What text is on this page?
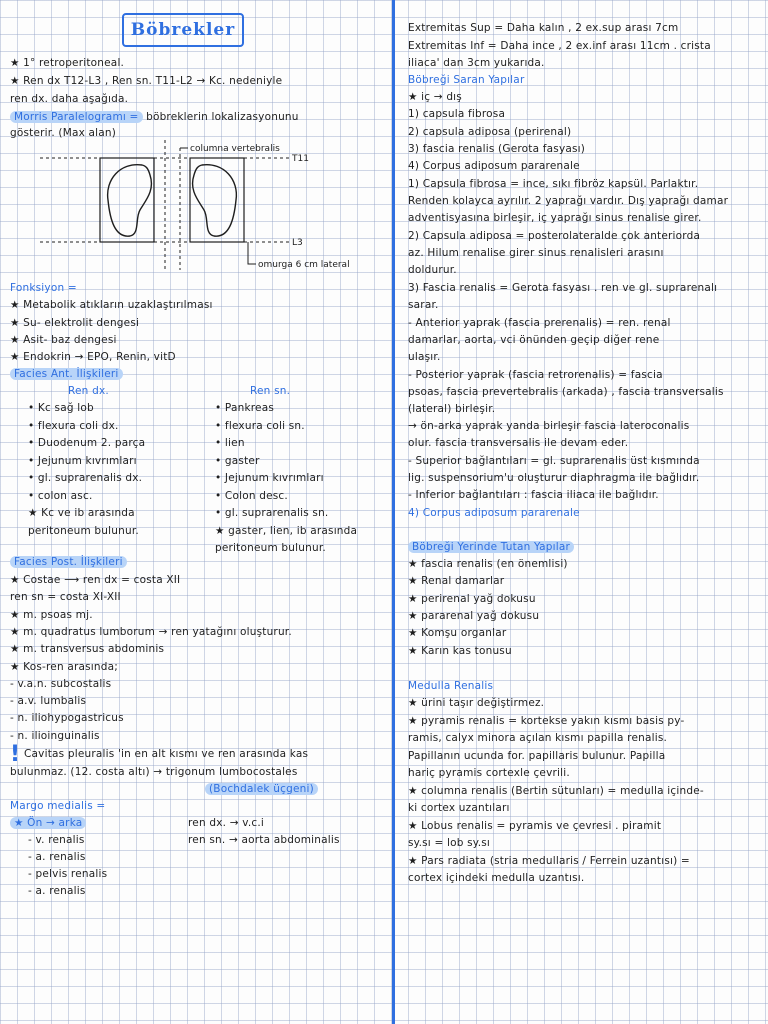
Böbrekler
★ 1° retroperitoneal.
★ Ren dx T12-L3 , Ren sn. T11-L2 → Kc. nedeniyle
ren dx. daha aşağıda.
Morris Paralelogramı = böbreklerin lokalizasyonunu
gösterir. (Max alan)
columna vertebralis
T11
L3
omurga 6 cm lateral
Fonksiyon =
★ Metabolik atıkların uzaklaştırılması
★ Su- elektrolit dengesi
★ Asit- baz dengesi
★ Endokrin → EPO, Renin, vitD
Facies Ant. İlişkileri
Ren dx.	Ren sn.
• Kc sağ lob
• flexura coli dx.
• Duodenum 2. parça
• Jejunum kıvrımları
• gl. suprarenalis dx.
• colon asc.
★ Kc ve ib arasında
peritoneum bulunur.
• Pankreas
• flexura coli sn.
• lien
• gaster
• Jejunum kıvrımları
• Colon desc.
• gl. suprarenalis sn.
★ gaster, lien, ib arasında
peritoneum bulunur.
Facies Post. İlişkileri
★ Costae ⟶ ren dx = costa XII
ren sn = costa XI-XII
★ m. psoas mj.
★ m. quadratus lumborum → ren yatağını oluşturur.
★ m. transversus abdominis
★ Kos-ren arasında;
- v.a.n. subcostalis
- a.v. lumbalis
- n. iliohypogastricus
- n. ilioinguinalis
! Cavitas pleuralis 'in en alt kısmı ve ren arasında kas
bulunmaz. (12. costa altı) → trigonum lumbocostales
(Bochdalek üçgeni)
Margo medialis =
★ Ön → arka	ren dx. → v.c.i
ren sn. → aorta abdominalis
- v. renalis
- a. renalis
- pelvis renalis
- a. renalis
Extremitas Sup = Daha kalın , 2 ex.sup arası 7cm
Extremitas Inf = Daha ince , 2 ex.inf arası 11cm . crista
iliaca' dan 3cm yukarıda.
Böbreği Saran Yapılar
★ iç → dış
1) capsula fibrosa
2) capsula adiposa (perirenal)
3) fascia renalis (Gerota fasyası)
4) Corpus adiposum pararenale
1) Capsula fibrosa = ince, sıkı fibröz kapsül. Parlaktır.
Renden kolayca ayrılır. 2 yaprağı vardır. Dış yaprağı damar
adventisyasına birleşir, iç yaprağı sinus renalise girer.
2) Capsula adiposa = posterolateralde çok anteriorda
az. Hilum renalise girer sinus renalisleri arasını
doldurur.
3) Fascia renalis = Gerota fasyası . ren ve gl. suprarenalı
sarar.
- Anterior yaprak (fascia prerenalis) = ren. renal
damarlar, aorta, vci önünden geçip diğer rene
ulaşır.
- Posterior yaprak (fascia retrorenalis) = fascia
psoas, fascia prevertebralis (arkada) , fascia transversalis
(lateral) birleşir.
→ ön-arka yaprak yanda birleşir fascia lateroconalis
olur. fascia transversalis ile devam eder.
- Superior bağlantıları = gl. suprarenalis üst kısmında
lig. suspensorium'u oluşturur diaphragma ile bağlıdır.
- Inferior bağlantıları : fascia iliaca ile bağlıdır.
4) Corpus adiposum pararenale
Böbreği Yerinde Tutan Yapılar
★ fascia renalis (en önemlisi)
★ Renal damarlar
★ perirenal yağ dokusu
★ pararenal yağ dokusu
★ Komşu organlar
★ Karın kas tonusu
Medulla Renalis
★ ürini taşır değiştirmez.
★ pyramis renalis = kortekse yakın kısmı basis py-
ramis, calyx minora açılan kısmı papilla renalis.
Papillanın ucunda for. papillaris bulunur. Papilla
hariç pyramis cortexle çevrili.
★ columna renalis (Bertin sütunları) = medulla içinde-
ki cortex uzantıları
★ Lobus renalis = pyramis ve çevresi . piramit
sy.sı = lob sy.sı
★ Pars radiata (stria medullaris / Ferrein uzantısı) =
cortex içindeki medulla uzantısı.
